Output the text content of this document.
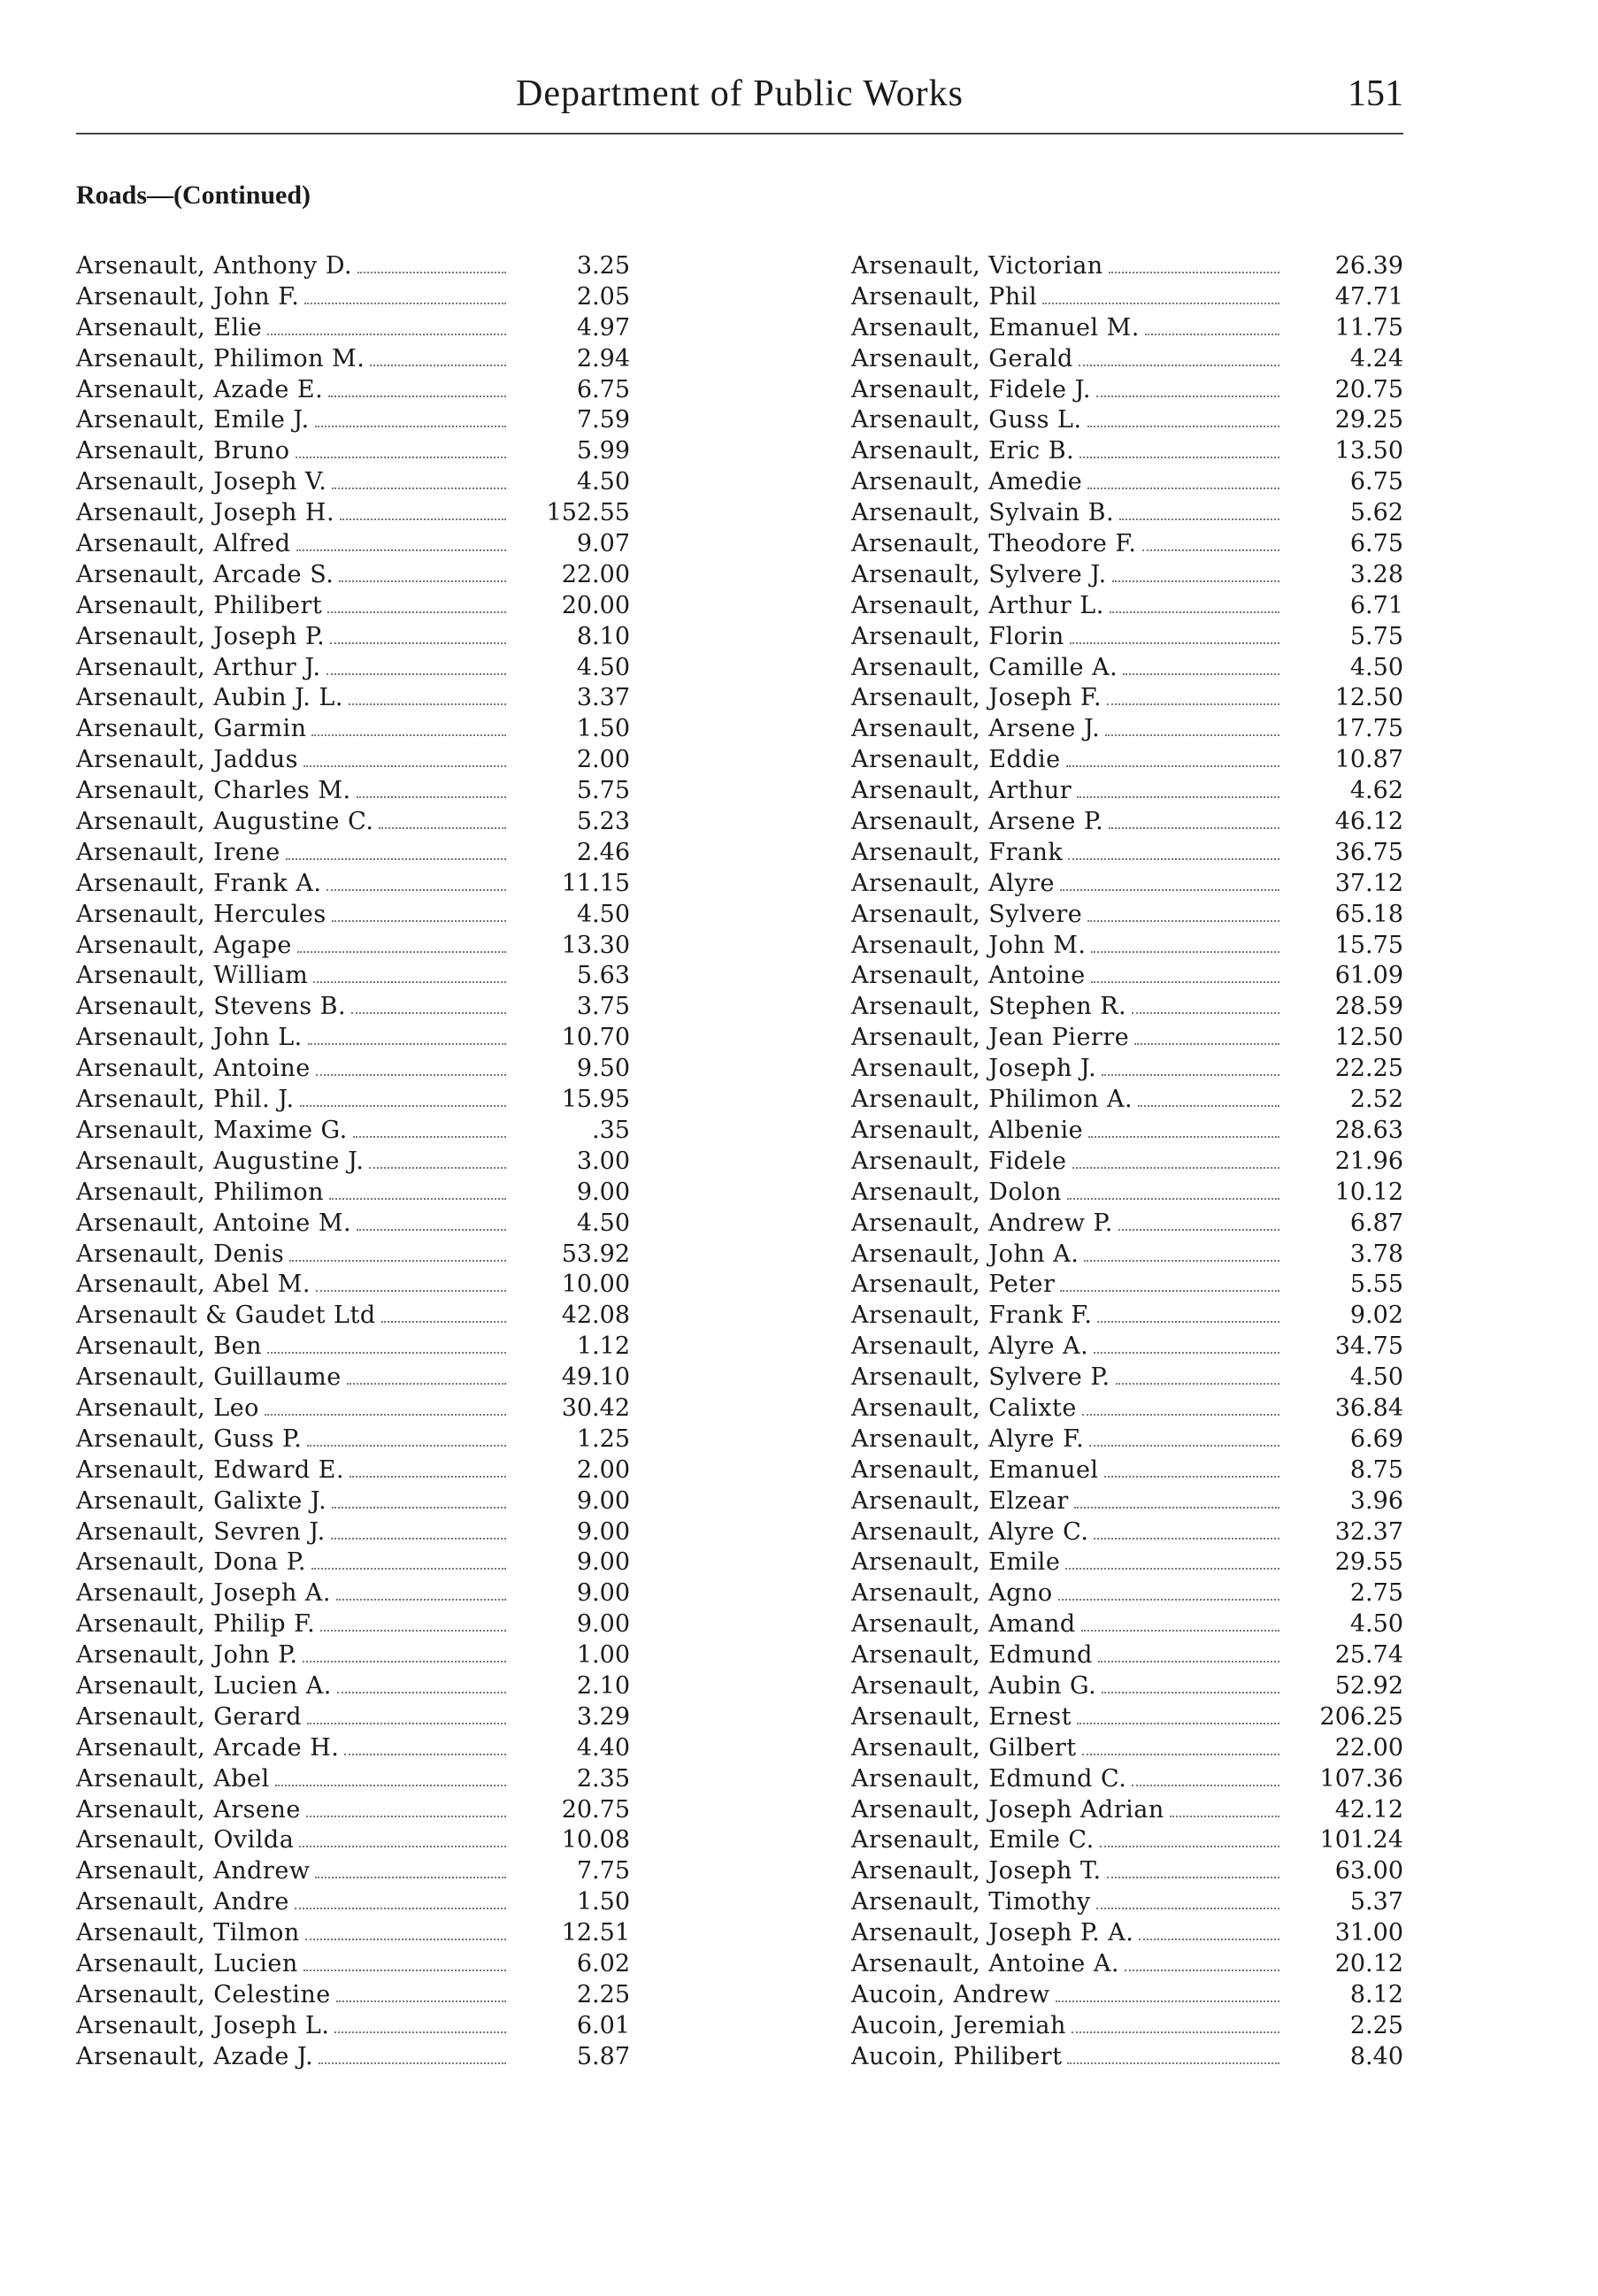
Department of Public Works	151
Roads—(Continued)
Arsenault, Anthony D.	3.25
Arsenault, John F.	2.05
Arsenault, Elie	4.97
Arsenault, Philimon M.	2.94
Arsenault, Azade E.	6.75
Arsenault, Emile J.	7.59
Arsenault, Bruno	5.99
Arsenault, Joseph V.	4.50
Arsenault, Joseph H.	152.55
Arsenault, Alfred	9.07
Arsenault, Arcade S.	22.00
Arsenault, Philibert	20.00
Arsenault, Joseph P.	8.10
Arsenault, Arthur J.	4.50
Arsenault, Aubin J. L.	3.37
Arsenault, Garmin	1.50
Arsenault, Jaddus	2.00
Arsenault, Charles M.	5.75
Arsenault, Augustine C.	5.23
Arsenault, Irene	2.46
Arsenault, Frank A.	11.15
Arsenault, Hercules	4.50
Arsenault, Agape	13.30
Arsenault, William	5.63
Arsenault, Stevens B.	3.75
Arsenault, John L.	10.70
Arsenault, Antoine	9.50
Arsenault, Phil. J.	15.95
Arsenault, Maxime G.	.35
Arsenault, Augustine J.	3.00
Arsenault, Philimon	9.00
Arsenault, Antoine M.	4.50
Arsenault, Denis	53.92
Arsenault, Abel M.	10.00
Arsenault & Gaudet Ltd	42.08
Arsenault, Ben	1.12
Arsenault, Guillaume	49.10
Arsenault, Leo	30.42
Arsenault, Guss P.	1.25
Arsenault, Edward E.	2.00
Arsenault, Galixte J.	9.00
Arsenault, Sevren J.	9.00
Arsenault, Dona P.	9.00
Arsenault, Joseph A.	9.00
Arsenault, Philip F.	9.00
Arsenault, John P.	1.00
Arsenault, Lucien A.	2.10
Arsenault, Gerard	3.29
Arsenault, Arcade H.	4.40
Arsenault, Abel	2.35
Arsenault, Arsene	20.75
Arsenault, Ovilda	10.08
Arsenault, Andrew	7.75
Arsenault, Andre	1.50
Arsenault, Tilmon	12.51
Arsenault, Lucien	6.02
Arsenault, Celestine	2.25
Arsenault, Joseph L.	6.01
Arsenault, Azade J.	5.87
Arsenault, Victorian	26.39
Arsenault, Phil	47.71
Arsenault, Emanuel M.	11.75
Arsenault, Gerald	4.24
Arsenault, Fidele J.	20.75
Arsenault, Guss L.	29.25
Arsenault, Eric B.	13.50
Arsenault, Amedie	6.75
Arsenault, Sylvain B.	5.62
Arsenault, Theodore F.	6.75
Arsenault, Sylvere J.	3.28
Arsenault, Arthur L.	6.71
Arsenault, Florin	5.75
Arsenault, Camille A.	4.50
Arsenault, Joseph F.	12.50
Arsenault, Arsene J.	17.75
Arsenault, Eddie	10.87
Arsenault, Arthur	4.62
Arsenault, Arsene P.	46.12
Arsenault, Frank	36.75
Arsenault, Alyre	37.12
Arsenault, Sylvere	65.18
Arsenault, John M.	15.75
Arsenault, Antoine	61.09
Arsenault, Stephen R.	28.59
Arsenault, Jean Pierre	12.50
Arsenault, Joseph J.	22.25
Arsenault, Philimon A.	2.52
Arsenault, Albenie	28.63
Arsenault, Fidele	21.96
Arsenault, Dolon	10.12
Arsenault, Andrew P.	6.87
Arsenault, John A.	3.78
Arsenault, Peter	5.55
Arsenault, Frank F.	9.02
Arsenault, Alyre A.	34.75
Arsenault, Sylvere P.	4.50
Arsenault, Calixte	36.84
Arsenault, Alyre F.	6.69
Arsenault, Emanuel	8.75
Arsenault, Elzear	3.96
Arsenault, Alyre C.	32.37
Arsenault, Emile	29.55
Arsenault, Agno	2.75
Arsenault, Amand	4.50
Arsenault, Edmund	25.74
Arsenault, Aubin G.	52.92
Arsenault, Ernest	206.25
Arsenault, Gilbert	22.00
Arsenault, Edmund C.	107.36
Arsenault, Joseph Adrian	42.12
Arsenault, Emile C.	101.24
Arsenault, Joseph T.	63.00
Arsenault, Timothy	5.37
Arsenault, Joseph P. A.	31.00
Arsenault, Antoine A.	20.12
Aucoin, Andrew	8.12
Aucoin, Jeremiah	2.25
Aucoin, Philibert	8.40
